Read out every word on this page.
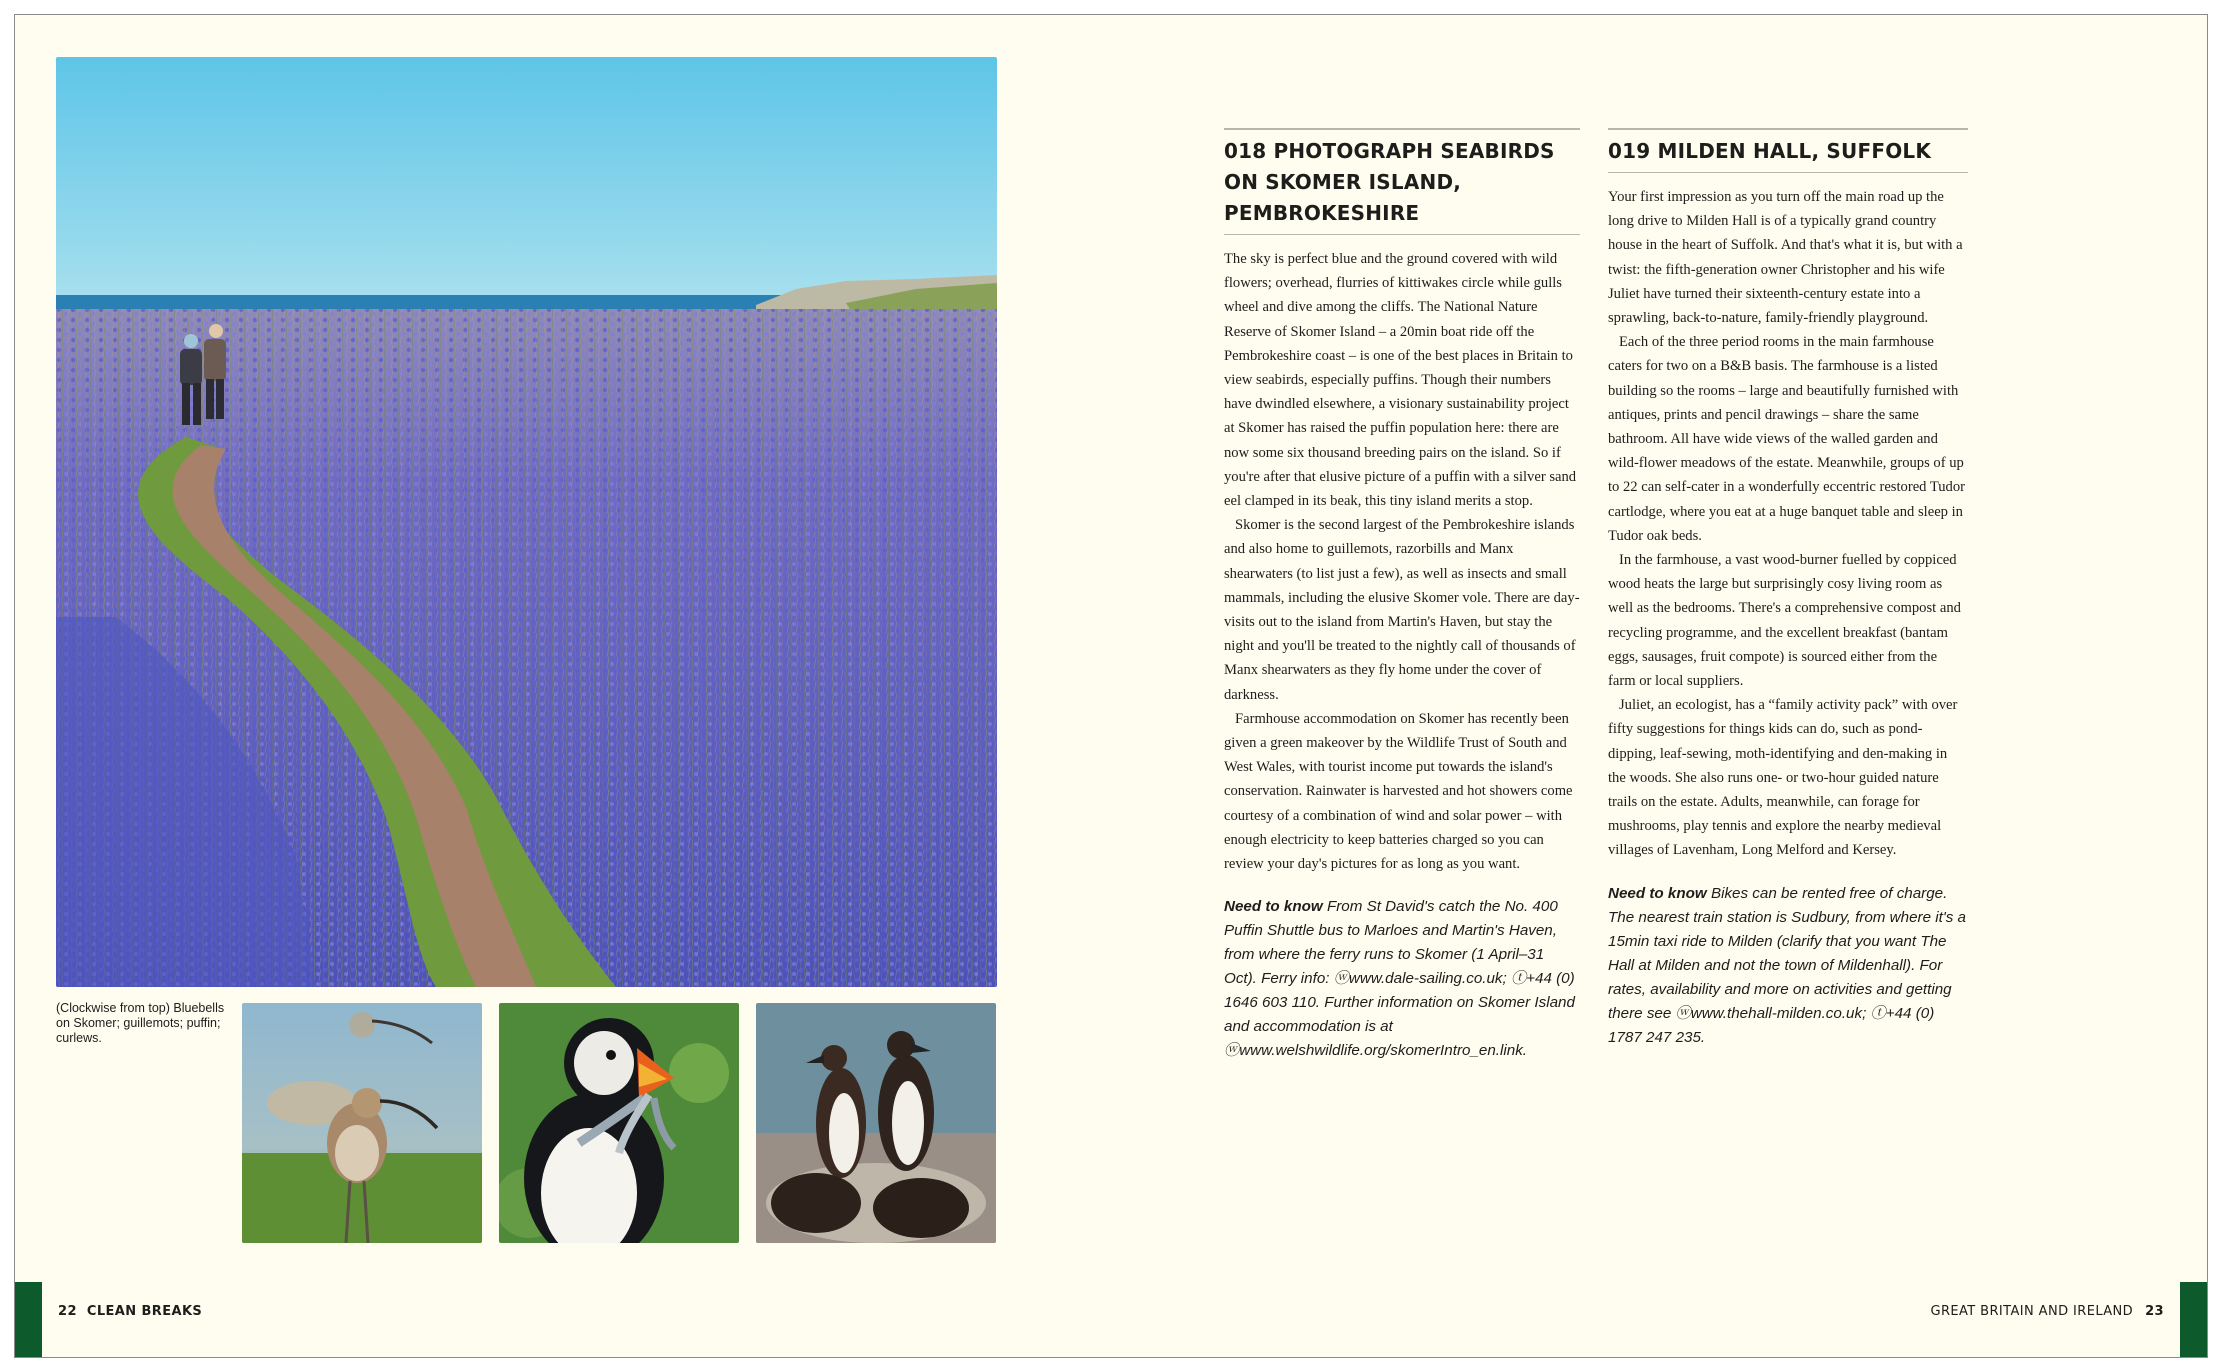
(Clockwise from top) Bluebells on Skomer; guillemots; puffin; curlews.
018 PHOTOGRAPH SEABIRDS
ON SKOMER ISLAND,
PEMBROKESHIRE

The sky is perfect blue and the ground covered with wild flowers; overhead, flurries of kittiwakes circle while gulls wheel and dive among the cliffs. The National Nature Reserve of Skomer Island – a 20min boat ride off the Pembrokeshire coast – is one of the best places in Britain to view seabirds, especially puffins. Though their numbers have dwindled elsewhere, a visionary sustainability project at Skomer has raised the puffin population here: there are now some six thousand breeding pairs on the island. So if you're after that elusive picture of a puffin with a silver sand eel clamped in its beak, this tiny island merits a stop.

Skomer is the second largest of the Pembrokeshire islands and also home to guillemots, razorbills and Manx shearwaters (to list just a few), as well as insects and small mammals, including the elusive Skomer vole. There are day-visits out to the island from Martin's Haven, but stay the night and you'll be treated to the nightly call of thousands of Manx shearwaters as they fly home under the cover of darkness.

Farmhouse accommodation on Skomer has recently been given a green makeover by the Wildlife Trust of South and West Wales, with tourist income put towards the island's conservation. Rainwater is harvested and hot showers come courtesy of a combination of wind and solar power – with enough electricity to keep batteries charged so you can review your day's pictures for as long as you want.

Need to know From St David's catch the No. 400 Puffin Shuttle bus to Marloes and Martin's Haven, from where the ferry runs to Skomer (1 April–31 Oct). Ferry info: ⓦwww.dale-sailing.co.uk; ⓣ+44 (0) 1646 603 110. Further information on Skomer Island and accommodation is at ⓦwww.welshwildlife.org/skomerIntro_en.link.
019 MILDEN HALL, SUFFOLK

Your first impression as you turn off the main road up the long drive to Milden Hall is of a typically grand country house in the heart of Suffolk. And that's what it is, but with a twist: the fifth-generation owner Christopher and his wife Juliet have turned their sixteenth-century estate into a sprawling, back-to-nature, family-friendly playground.

Each of the three period rooms in the main farmhouse caters for two on a B&B basis. The farmhouse is a listed building so the rooms – large and beautifully furnished with antiques, prints and pencil drawings – share the same bathroom. All have wide views of the walled garden and wild-flower meadows of the estate. Meanwhile, groups of up to 22 can self-cater in a wonderfully eccentric restored Tudor cartlodge, where you eat at a huge banquet table and sleep in Tudor oak beds.

In the farmhouse, a vast wood-burner fuelled by coppiced wood heats the large but surprisingly cosy living room as well as the bedrooms. There's a comprehensive compost and recycling programme, and the excellent breakfast (bantam eggs, sausages, fruit compote) is sourced either from the farm or local suppliers.

Juliet, an ecologist, has a “family activity pack” with over fifty suggestions for things kids can do, such as pond-dipping, leaf-sewing, moth-identifying and den-making in the woods. She also runs one- or two-hour guided nature trails on the estate. Adults, meanwhile, can forage for mushrooms, play tennis and explore the nearby medieval villages of Lavenham, Long Melford and Kersey.

Need to know Bikes can be rented free of charge. The nearest train station is Sudbury, from where it's a 15min taxi ride to Milden (clarify that you want The Hall at Milden and not the town of Mildenhall). For rates, availability and more on activities and getting there see ⓦwww.thehall-milden.co.uk; ⓣ+44 (0) 1787 247 235.
22 CLEAN BREAKS	GREAT BRITAIN AND IRELAND 23
